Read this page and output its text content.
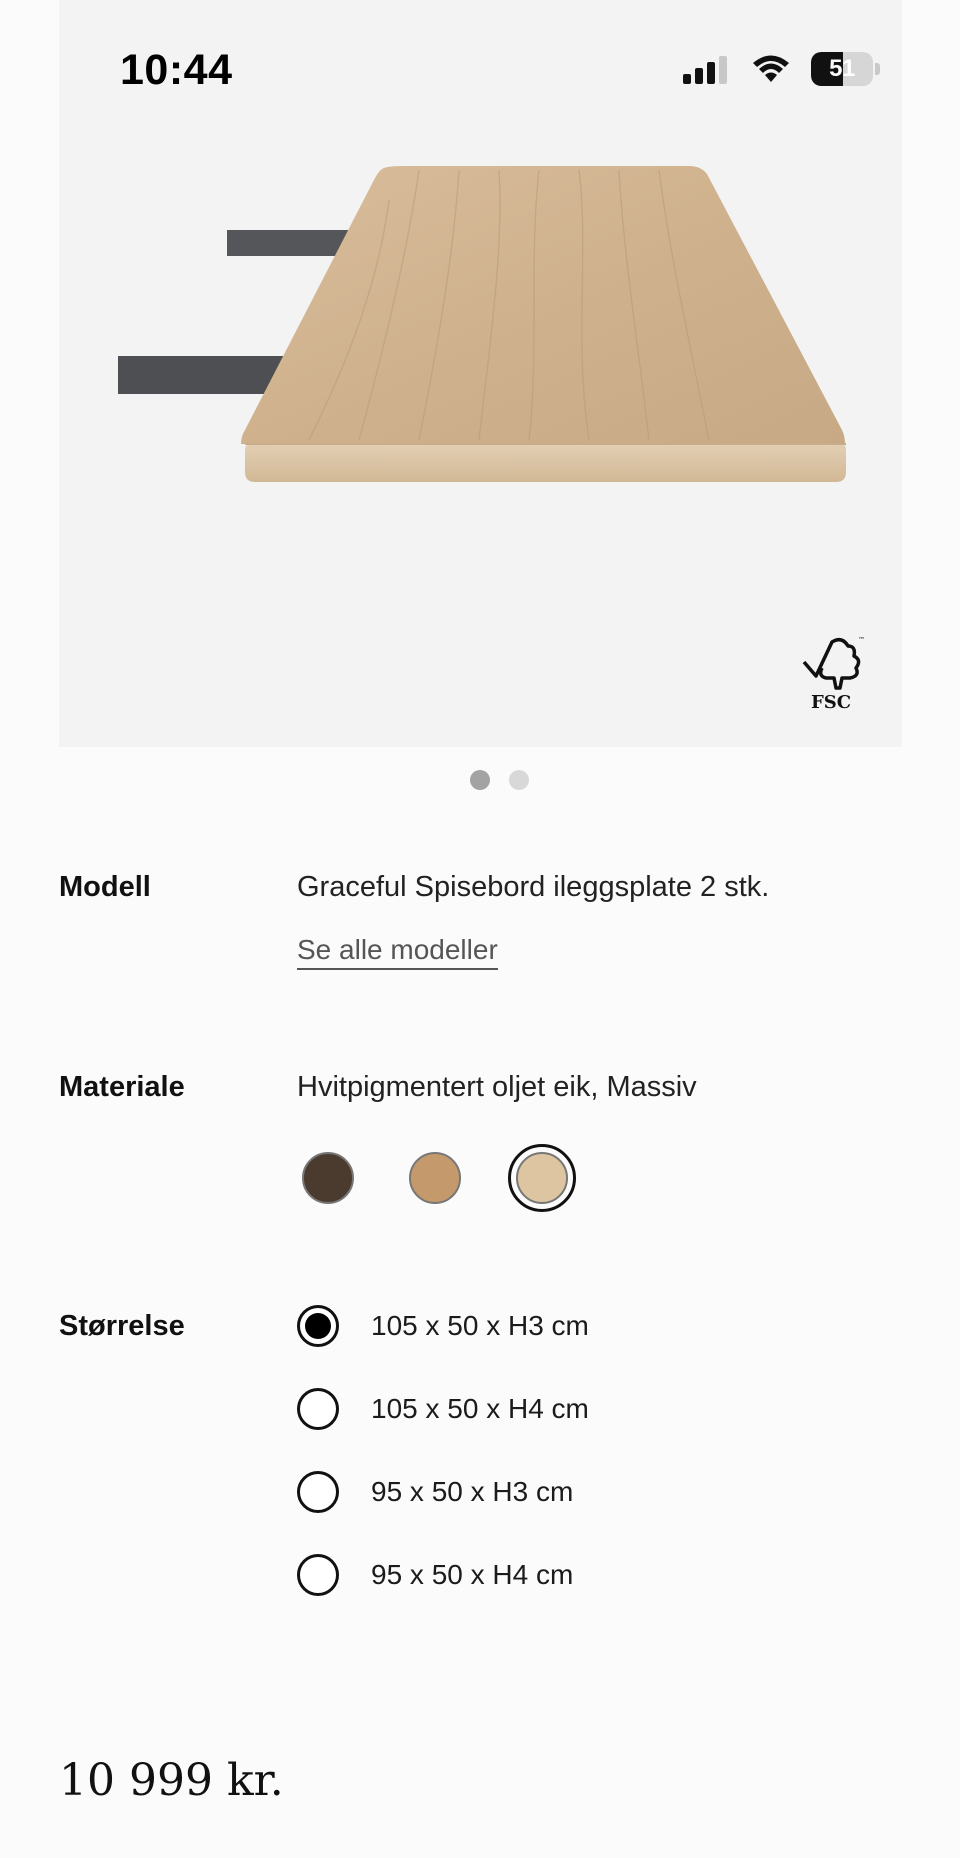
™
FSC
10:44	51
Modell	Graceful Spisebord ileggsplate 2 stk.
Se alle modeller
Materiale	Hvitpigmentert oljet eik, Massiv
Størrelse	105 x 50 x H3 cm
105 x 50 x H4 cm
95 x 50 x H3 cm
95 x 50 x H4 cm
10 999 kr.
